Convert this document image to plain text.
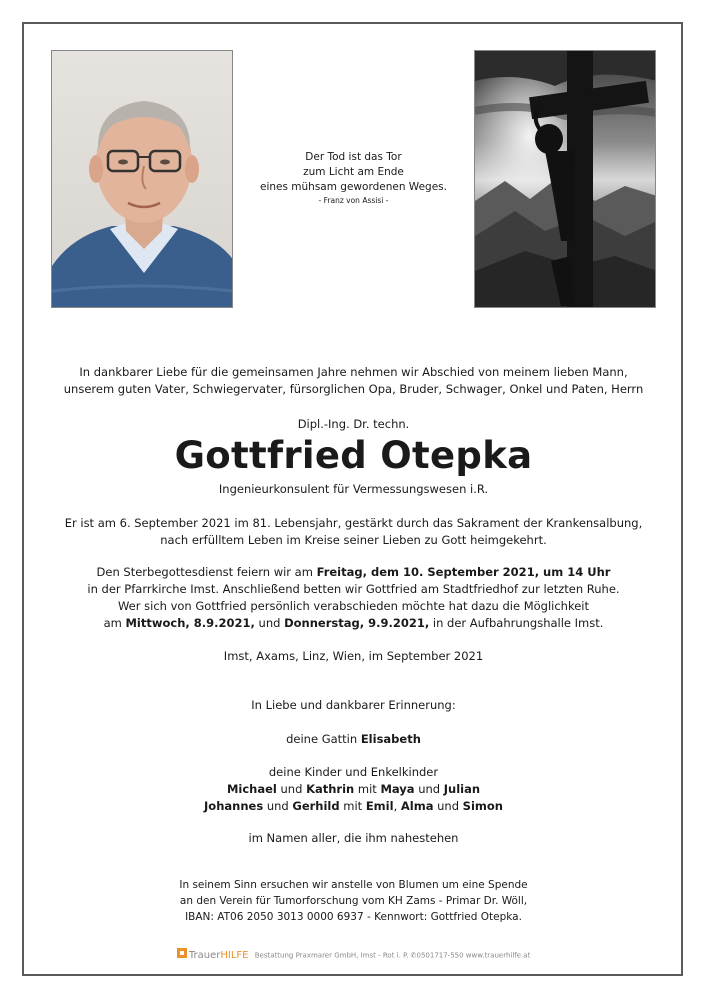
Der Tod ist das Tor
zum Licht am Ende
eines mühsam gewordenen Weges.
- Franz von Assisi -
In dankbarer Liebe für die gemeinsamen Jahre nehmen wir Abschied von meinem lieben Mann,
unserem guten Vater, Schwiegervater, fürsorglichen Opa, Bruder, Schwager, Onkel und Paten, Herrn
Dipl.-Ing. Dr. techn.
Gottfried Otepka
Ingenieurkonsulent für Vermessungswesen i.R.
Er ist am 6. September 2021 im 81. Lebensjahr, gestärkt durch das Sakrament der Krankensalbung,
nach erfülltem Leben im Kreise seiner Lieben zu Gott heimgekehrt.
Den Sterbegottesdienst feiern wir am Freitag, dem 10. September 2021, um 14 Uhr
in der Pfarrkirche Imst. Anschließend betten wir Gottfried am Stadtfriedhof zur letzten Ruhe.
Wer sich von Gottfried persönlich verabschieden möchte hat dazu die Möglichkeit
am Mittwoch, 8.9.2021, und Donnerstag, 9.9.2021, in der Aufbahrungshalle Imst.
Imst, Axams, Linz, Wien, im September 2021
In Liebe und dankbarer Erinnerung:
deine Gattin Elisabeth
deine Kinder und Enkelkinder
Michael und Kathrin mit Maya und Julian
Johannes und Gerhild mit Emil, Alma und Simon
im Namen aller, die ihm nahestehen
In seinem Sinn ersuchen wir anstelle von Blumen um eine Spende
an den Verein für Tumorforschung vom KH Zams - Primar Dr. Wöll,
IBAN: AT06 2050 3013 0000 6937 - Kennwort: Gottfried Otepka.
TrauerHILFE Bestattung Praxmarer GmbH, Imst - Rot i. P. ✆0501717-550 www.trauerhilfe.at
